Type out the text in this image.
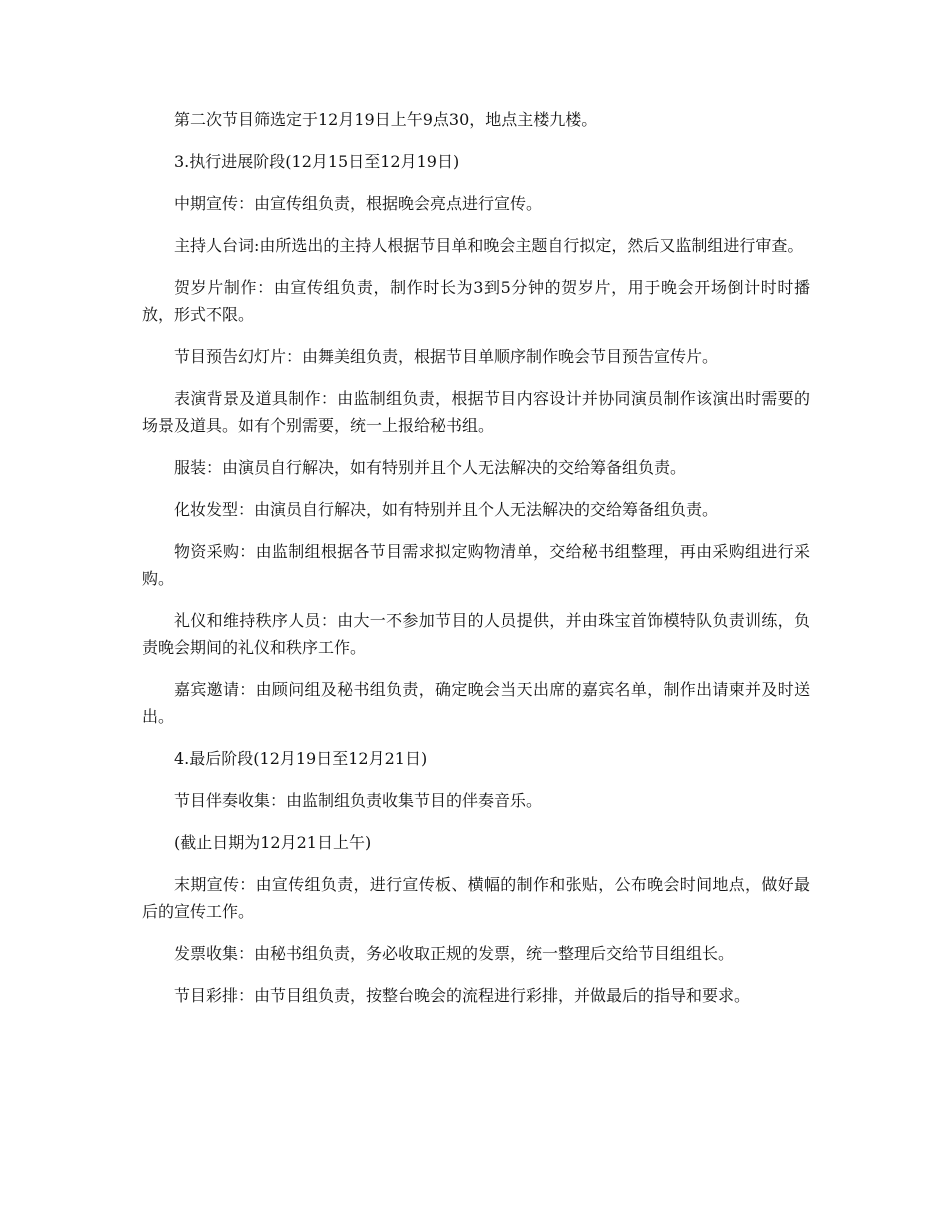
第二次节目筛选定于12月19日上午9点30，地点主楼九楼。

3.执行进展阶段(12月15日至12月19日)

中期宣传：由宣传组负责，根据晚会亮点进行宣传。

主持人台词:由所选出的主持人根据节目单和晚会主题自行拟定，然后又监制组进行审查。

贺岁片制作：由宣传组负责，制作时长为3到5分钟的贺岁片，用于晚会开场倒计时时播放，形式不限。

节目预告幻灯片：由舞美组负责，根据节目单顺序制作晚会节目预告宣传片。

表演背景及道具制作：由监制组负责，根据节目内容设计并协同演员制作该演出时需要的场景及道具。如有个别需要，统一上报给秘书组。

服装：由演员自行解决，如有特别并且个人无法解决的交给筹备组负责。

化妆发型：由演员自行解决，如有特别并且个人无法解决的交给筹备组负责。

物资采购：由监制组根据各节目需求拟定购物清单，交给秘书组整理，再由采购组进行采购。

礼仪和维持秩序人员：由大一不参加节目的人员提供，并由珠宝首饰模特队负责训练，负责晚会期间的礼仪和秩序工作。

嘉宾邀请：由顾问组及秘书组负责，确定晚会当天出席的嘉宾名单，制作出请柬并及时送出。

4.最后阶段(12月19日至12月21日)

节目伴奏收集：由监制组负责收集节目的伴奏音乐。

(截止日期为12月21日上午)

末期宣传：由宣传组负责，进行宣传板、横幅的制作和张贴，公布晚会时间地点，做好最后的宣传工作。

发票收集：由秘书组负责，务必收取正规的发票，统一整理后交给节目组组长。

节目彩排：由节目组负责，按整台晚会的流程进行彩排，并做最后的指导和要求。
